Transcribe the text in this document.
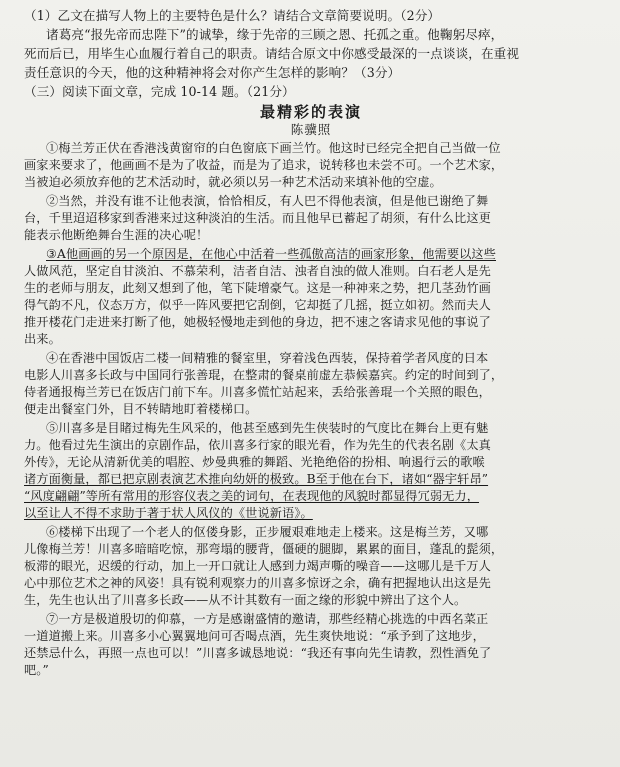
（1）乙文在描写人物上的主要特色是什么？请结合文章简要说明。（2分）
诸葛亮“报先帝而忠陛下”的诚挚，缘于先帝的三顾之恩、托孤之重。他鞠躬尽瘁，
死而后已，用毕生心血履行着自己的职责。请结合原文中你感受最深的一点谈谈，在重视
责任意识的今天，他的这种精神将会对你产生怎样的影响？（3分）
（三）阅读下面文章，完成 10-14 题。（21分）
最精彩的表演
陈骥照
①梅兰芳正伏在香港浅黄窗帘的白色窗底下画兰竹。他这时已经完全把自己当做一位
画家来要求了，他画画不是为了收益，而是为了追求，说转移也未尝不可。一个艺术家，
当被迫必须放弃他的艺术活动时，就必须以另一种艺术活动来填补他的空虚。
②当然，并没有谁不让他表演，恰恰相反，有人巴不得他表演，但是他已谢绝了舞
台，千里迢迢移家到香港来过这种淡泊的生活。而且他早已蓄起了胡须，有什么比这更
能表示他断绝舞台生涯的决心呢！
③A他画画的另一个原因是，在他心中活着一些孤傲高洁的画家形象，他需要以这些
人做风范，坚定自甘淡泊、不慕荣利，洁者自洁、浊者自浊的做人准则。白石老人是先
生的老师与朋友，此刻又想到了他，笔下陡增豪气。这是一种神来之势，把几茎劲竹画
得气韵不凡，仪态万方，似乎一阵风要把它刮倒，它却挺了几摇，挺立如初。然而夫人
推开楼花门走进来打断了他，她极轻慢地走到他的身边，把不速之客请求见他的事说了
出来。
④在香港中国饭店二楼一间精雅的餐室里，穿着浅色西装，保持着学者风度的日本
电影人川喜多长政与中国同行张善琨，在整肃的餐桌前虚左恭候嘉宾。约定的时间到了，
侍者通报梅兰芳已在饭店门前下车。川喜多慌忙站起来，丢给张善琨一个关照的眼色，
便走出餐室门外，目不转睛地盯着楼梯口。
⑤川喜多是目睹过梅先生风采的，他甚至感到先生侠装时的气度比在舞台上更有魅
力。他看过先生演出的京剧作品，依川喜多行家的眼光看，作为先生的代表名剧《太真
外传》，无论从清新优美的唱腔、炒曼典雅的舞蹈、光艳绝俗的扮相、响遏行云的歌喉
诸方面衡量，都已把京剧表演艺术推向幼妍的极致。B至于他在台下，诸如“器宇轩昂”
“风度翩翩”等所有常用的形容仪表之美的词句，在表现他的风貌时都显得冗弱无力，
以至让人不得不求助于著于状人风仪的《世说新语》。
⑥楼梯下出现了一个老人的伛偻身影，正步履艰难地走上楼来。这是梅兰芳，又哪
儿像梅兰芳！川喜多暗暗吃惊，那弯塌的腰背，僵硬的腿脚，累累的面目，蓬乱的髭须，
板滞的眼光，迟缓的行动，加上一开口就让人感到力竭声嘶的噪音——这哪儿是千万人
心中那位艺术之神的风姿！具有锐利观察力的川喜多惊讶之余，确有把握地认出这是先
生，先生也认出了川喜多长政——从不计其数有一面之缘的形貌中辨出了这个人。
⑦一方是极道殷切的仰慕，一方是感谢盛情的邀请，那些经精心挑选的中西名菜正
一道道搬上来。川喜多小心翼翼地问可否喝点酒，先生爽快地说：“承予到了这地步，
还禁忌什么，再照一点也可以！”川喜多诚恳地说：“我还有事向先生请教，烈性酒免了
吧。”
